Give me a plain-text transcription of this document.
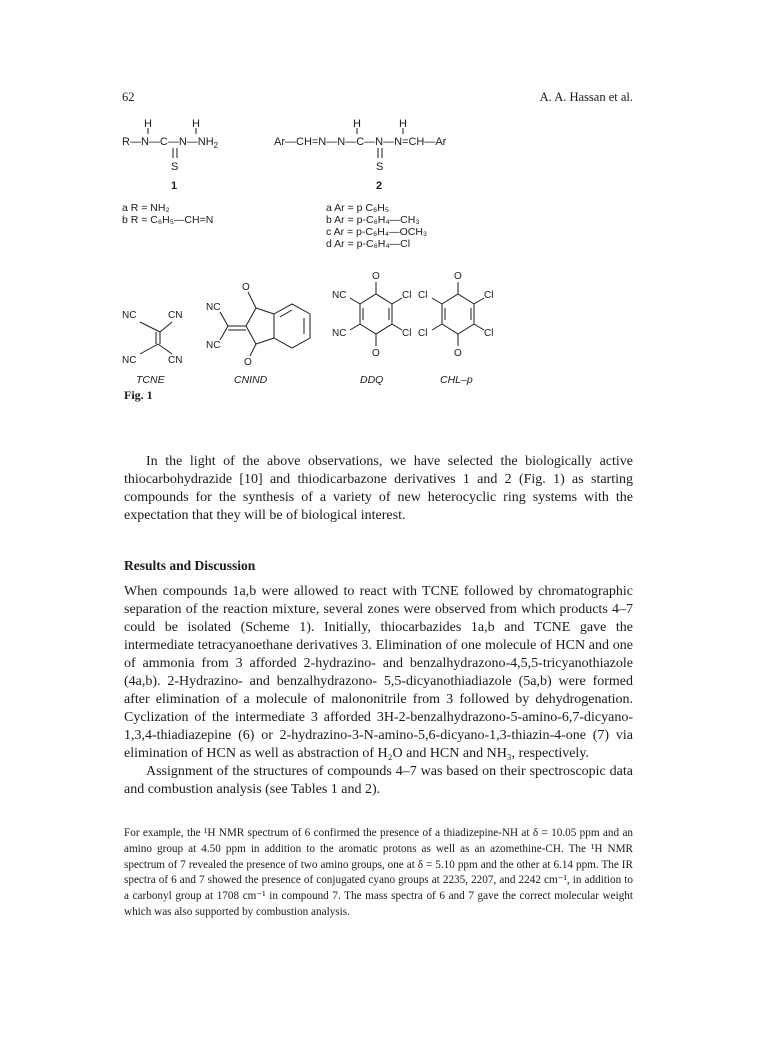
62	A. A. Hassan et al.
H	H
$R—N—C—N—NH_2$
S
1
H	H
Ar—CH=N—N—C—N—N=CH—Ar
S
2
a R = NH₂
b R = C₆H₅—CH=N
a Ar = p C₆H₅
b Ar = p-C₆H₄—CH₃
c Ar = p-C₆H₄—OCH₃
d Ar = p-C₆H₄—Cl
NC	CN
NC	CN
NC
NC
O
O
O
O
NC
NC
Cl
Cl
O
O
Cl
Cl
Cl
Cl
TCNE	CNIND	DDQ	CHL–p
Fig. 1

In the light of the above observations, we have selected the biologically active thiocarbohydrazide [10] and thiodicarbazone derivatives 1 and 2 (Fig. 1) as starting compounds for the synthesis of a variety of new heterocyclic ring systems with the expectation that they will be of biological interest.

Results and Discussion

When compounds 1a,b were allowed to react with TCNE followed by chromatographic separation of the reaction mixture, several zones were observed from which products 4–7 could be isolated (Scheme 1). Initially, thiocarbazides 1a,b and TCNE gave the intermediate tetracyanoethane derivatives 3. Elimination of one molecule of HCN and one of ammonia from 3 afforded 2-hydrazino- and benzalhydrazono-4,5,5-tricyanothiazole (4a,b). 2-Hydrazino- and benzalhydrazono- 5,5-dicyanothiadiazole (5a,b) were formed after elimination of a molecule of malononitrile from 3 followed by dehydrogenation. Cyclization of the intermediate 3 afforded 3H-2-benzalhydrazono-5-amino-6,7-dicyano-1,3,4-thiadiazepine (6) or 2-hydrazino-3-N-amino-5,6-dicyano-1,3-thiazin-4-one (7) via elimination of HCN as well as abstraction of H₂O and HCN and NH₃, respectively.

Assignment of the structures of compounds 4–7 was based on their spectroscopic data and combustion analysis (see Tables 1 and 2).

For example, the ¹H NMR spectrum of 6 confirmed the presence of a thiadizepine-NH at δ = 10.05 ppm and an amino group at 4.50 ppm in addition to the aromatic protons as well as an azomethine-CH. The ¹H NMR spectrum of 7 revealed the presence of two amino groups, one at δ = 5.10 ppm and the other at 6.14 ppm. The IR spectra of 6 and 7 showed the presence of conjugated cyano groups at 2235, 2207, and 2242 cm⁻¹, in addition to a carbonyl group at 1708 cm⁻¹ in compound 7. The mass spectra of 6 and 7 gave the correct molecular weight which was also supported by combustion analysis.
